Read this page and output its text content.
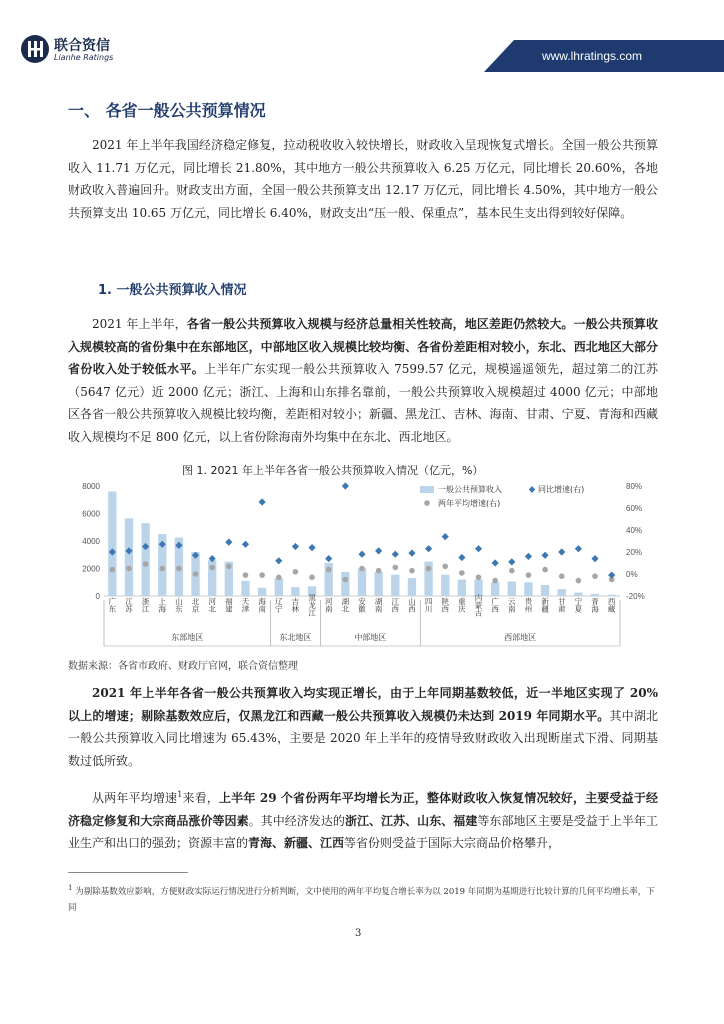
联合资信
Lianhe Ratings	www.lhratings.com
一、 各省一般公共预算情况
2021 年上半年我国经济稳定修复，拉动税收收入较快增长，财政收入呈现恢复式增长。全国一般公共预算收入 11.71 万亿元，同比增长 21.80%，其中地方一般公共预算收入 6.25 万亿元，同比增长 20.60%，各地财政收入普遍回升。财政支出方面，全国一般公共预算支出 12.17 万亿元，同比增长 4.50%，其中地方一般公共预算支出 10.65 万亿元，同比增长 6.40%，财政支出“压一般、保重点”，基本民生支出得到较好保障。
1. 一般公共预算收入情况
2021 年上半年，各省一般公共预算收入规模与经济总量相关性较高，地区差距仍然较大。一般公共预算收入规模较高的省份集中在东部地区，中部地区收入规模比较均衡、各省份差距相对较小，东北、西北地区大部分省份收入处于较低水平。上半年广东实现一般公共预算收入 7599.57 亿元，规模遥遥领先，超过第二的江苏（5647 亿元）近 2000 亿元；浙江、上海和山东排名靠前，一般公共预算收入规模超过 4000 亿元；中部地区各省一般公共预算收入规模比较均衡，差距相对较小；新疆、黑龙江、吉林、海南、甘肃、宁夏、青海和西藏收入规模均不足 800 亿元，以上省份除海南外均集中在东北、西北地区。
图 1. 2021 年上半年各省一般公共预算收入情况（亿元，%）
0
2000
4000
6000
8000
-20%
0%
20%
40%
60%
80%
广东 江苏 浙江 上海 山东 北京 河北 福建 天津 海南 辽宁 吉林 黑龙江 河南 湖北 安徽 湖南 江西 山西 四川 陕西 重庆 内蒙古 广西 云南 贵州 新疆 甘肃 宁夏 青海 西藏
东部地区	东北地区	中部地区	西部地区
一般公共预算收入	同比增速(右)
两年平均增速(右)
数据来源：各省市政府、财政厅官网，联合资信整理
2021 年上半年各省一般公共预算收入均实现正增长，由于上年同期基数较低，近一半地区实现了 20% 以上的增速；剔除基数效应后，仅黑龙江和西藏一般公共预算收入规模仍未达到 2019 年同期水平。其中湖北一般公共预算收入同比增速为 65.43%，主要是 2020 年上半年的疫情导致财政收入出现断崖式下滑、同期基数过低所致。
从两年平均增速$^1$来看，上半年 29 个省份两年平均增长为正，整体财政收入恢复情况较好，主要受益于经济稳定修复和大宗商品涨价等因素。其中经济发达的浙江、江苏、山东、福建等东部地区主要是受益于上半年工业生产和出口的强劲；资源丰富的青海、新疆、江西等省份则受益于国际大宗商品价格攀升，
$^1$ 为剔除基数效应影响，方便财政实际运行情况进行分析判断，文中使用的两年平均复合增长率为以 2019 年同期为基期进行比较计算的几何平均增长率，下同
3
